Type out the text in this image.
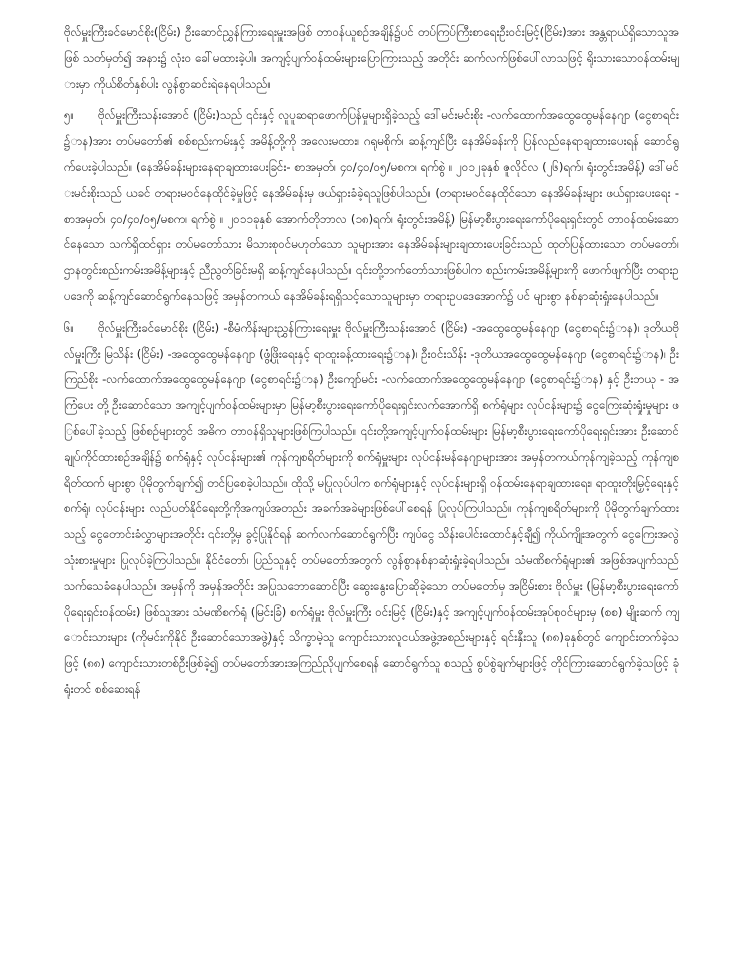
ဗိုလ်မှူးကြီးခင်မောင်စိုး(ငြိမ်း) ဦးဆောင်ညွှန်ကြားရေးမှူးအဖြစ် တာဝန်ယူစဉ်အချိန်၌ပင် တပ်ကြပ်ကြီးစာရေးဦးဝင်းမြင့်(ငြိမ်း)အား အန္တရာယ်ရှိသောသူအဖြစ် သတ်မှတ်၍ အနား၌ လုံးဝ ခေါ်မထားခဲ့ပါ။ အကျင့်ပျက်ဝန်ထမ်းများပြောကြားသည့် အတိုင်း ဆက်လက်ဖြစ်ပေါ်လာသဖြင့် ရိုးသားသောဝန်ထမ်းများမှာ ကိုယ်စိတ်နှစ်ပါး လွန်စွာဆင်းရဲနေရပါသည်။

၅။ ဗိုလ်မှူးကြီးသန်းအောင် (ငြိမ်း)သည် ၎င်းနှင့် လူပူဆရာဖောက်ပြန်မှုများရှိခဲ့သည့် ဒေါ်မင်းမင်းစိုး -လက်ထောက်အထွေထွေမန်နေဂျာ (ငွေစာရင်း၌ာန)အား တပ်မတော်၏ စစ်စည်းကမ်းနှင့် အမိန့်တို့ကို အလေးမထား၊ ဂရုမစိုက်၊ ဆန့်ကျင်ပြီး နေအိမ်ခန်းကို ပြန်လည်နေရာချထားပေးရန် ဆောင်ရွက်ပေးခဲ့ပါသည်။ (နေအိမ်ခန်းများနေရာချထားပေးခြင်း- စာအမှတ်၊ ၄၀/၄၀/၀၅/မစက၊ ရက်စွဲ ။ ၂၀၁၂ခုနှစ် ဇူလိုင်လ (၂၆)ရက်၊ ရုံးတွင်းအမိန့်) ဒေါ်မင်းမင်းစိုးသည် ယခင် တရားမဝင်နေထိုင်ခဲ့မှုဖြင့် နေအိမ်ခန်းမှ ဖယ်ရှားခံခဲ့ရသူဖြစ်ပါသည်။ (တရားမဝင်နေထိုင်သော နေအိမ်ခန်းများ ဖယ်ရှားပေးရေး - စာအမှတ်၊ ၄၀/၄၀/၀၅/မစက၊ ရက်စွဲ ။ ၂၀၁၁ခုနှစ် အောက်တိုဘာလ (၁၈)ရက်၊ ရုံးတွင်းအမိန့်) မြန်မာ့စီးပွားရေးကော်ပိုရေးရှင်းတွင် တာဝန်ထမ်းဆောင်နေသော သက်ရှိထင်ရှား တပ်မတော်သား မိသားစုဝင်မဟုတ်သော သူများအား နေအိမ်ခန်းများချထားပေးခြင်းသည် ထုတ်ပြန်ထားသော တပ်မတော်၊ ဌာနတွင်းစည်းကမ်းအမိန့်များနှင့် ညီညွတ်ခြင်းမရှိ ဆန့်ကျင်နေပါသည်။ ၎င်းတို့ဘက်တော်သားဖြစ်ပါက စည်းကမ်းအမိန့်များကို ဖောက်ဖျက်ပြီး တရားဥပဒေကို ဆန့်ကျင်ဆောင်ရွက်နေသဖြင့် အမှန်တကယ် နေအိမ်ခန်းရရှိသင့်သောသူများမှာ တရားဥပဒေအောက်၌ ပင် များစွာ နစ်နာဆုံးရှုံးနေပါသည်။

၆။ ဗိုလ်မှူးကြီးခင်မောင်စိုး (ငြိမ်း) -စီမံကိန်းများညွှန်ကြားရေးမှူး ဗိုလ်မှူးကြီးသန်းအောင် (ငြိမ်း) -အထွေထွေမန်နေဂျာ (ငွေစာရင်း၌ာန)၊ ဒုတိယဗိုလ်မှူးကြီး မြသိန်း (ငြိမ်း) -အထွေထွေမန်နေဂျာ (ဖွံ့ဖြိုးရေးနှင့် ရာထူးခန့်ထားရေး၌ာန)၊ ဦးဝင်းသိန်း -ဒုတိယအထွေထွေမန်နေဂျာ (ငွေစာရင်း၌ာန)၊ ဦးကြည်စိုး -လက်ထောက်အထွေထွေမန်နေဂျာ (ငွေစာရင်း၌ာန) ဦးကျော်မင်း -လက်ထောက်အထွေထွေမန်နေဂျာ (ငွေစာရင်း၌ာန) နှင့် ဦးဘယု - အကြံပေး တို့ ဦးဆောင်သော အကျင့်ပျက်ဝန်ထမ်းများမှာ မြန်မာ့စီးပွားရေးကော်ပိုရေးရှင်းလက်အောက်ရှိ စက်ရုံများ လုပ်ငန်းများ၌ ငွေကြေးဆုံးရှုံးမှုများ ဖြစ်ပေါ်ခဲ့သည့် ဖြစ်စဉ်များတွင် အဓိက တာဝန်ရှိသူများဖြစ်ကြပါသည်။ ၎င်းတို့အကျင့်ပျက်ဝန်ထမ်းများ မြန်မာ့စီးပွားရေးကော်ပိုရေးရှင်းအား ဦးဆောင်ချုပ်ကိုင်ထားစဉ်အချိန်၌ စက်ရုံနှင့် လုပ်ငန်းများ၏ ကုန်ကျစရိတ်များကို စက်ရုံမှူးများ လုပ်ငန်းမန်နေဂျာများအား အမှန်တကယ်ကုန်ကျခဲ့သည့် ကုန်ကျစရိတ်ထက် များစွာ ပိုမိုတွက်ချက်၍ တင်ပြစေခဲ့ပါသည်။ ထိုသို့ မပြုလုပ်ပါက စက်ရုံများနှင့် လုပ်ငန်းများရှိ ဝန်ထမ်းနေရာချထားရေး၊ ရာထူးတိုးမြှင့်ရေးနှင့်စက်ရုံ၊ လုပ်ငန်းများ လည်ပတ်နိုင်ရေးတို့ကိုအကျပ်အတည်း အခက်အခဲများဖြစ်ပေါ်စေရန် ပြုလုပ်ကြပါသည်။ ကုန်ကျစရိတ်များကို ပိုမိုတွက်ချက်ထားသည့် ငွေတောင်းခံလွှာများအတိုင်း ၎င်းတို့မှ ခွင့်ပြုနိုင်ရန် ဆက်လက်ဆောင်ရွက်ပြီး ကျပ်ငွေ သိန်းပေါင်းထောင်နှင့်ချီ၍ ကိုယ်ကျိုးအတွက် ငွေကြေးအလွဲသုံးစားမှုများ ပြုလုပ်ခဲ့ကြပါသည်။ နိုင်ငံတော်၊ ပြည်သူနှင့် တပ်မတော်အတွက် လွန်စွာနစ်နာဆုံးရှုံးခဲ့ရပါသည်။ သံမဏိစက်ရုံများ၏ အဖြစ်အပျက်သည် သက်သေခံနေပါသည်။ အမှန်ကို အမှန်အတိုင်း အပြုသဘောဆောင်ပြီး ဆွေးနွေးပြောဆိုခဲ့သော တပ်မတော်မှ အငြိမ်းစား ဗိုလ်မှူး (မြန်မာ့စီးပွားရေးကော်ပိုရေးရှင်းဝန်ထမ်း) ဖြစ်သူအား သံမဏိစက်ရုံ (မြင်းခြံ) စက်ရုံမှူး ဗိုလ်မှူးကြီး ဝင်းမြင့် (ငြိမ်း)နှင့် အကျင့်ပျက်ဝန်ထမ်းအုပ်စုဝင်များမှ (စစ) မျိုးဆက် ကျောင်းသားများ (ကိုမင်းကိုနိုင် ဦးဆောင်သောအဖွဲ့)နှင့် သိက္ခာမဲ့သူ ကျောင်းသားလူငယ်အဖွဲ့အစည်းများနှင့် ရင်းနှီးသူ (၈၈)ခုနှစ်တွင် ကျောင်းတက်ခဲ့သဖြင့် (၈၈) ကျောင်းသားတစ်ဦးဖြစ်ခဲ့၍ တပ်မတော်အားအကြည်ညိုပျက်စေရန် ဆောင်ရွက်သူ စသည့် စွပ်စွဲချက်များဖြင့် တိုင်ကြားဆောင်ရွက်ခဲ့သဖြင့် ခုံရုံးတင် စစ်ဆေးရန်
